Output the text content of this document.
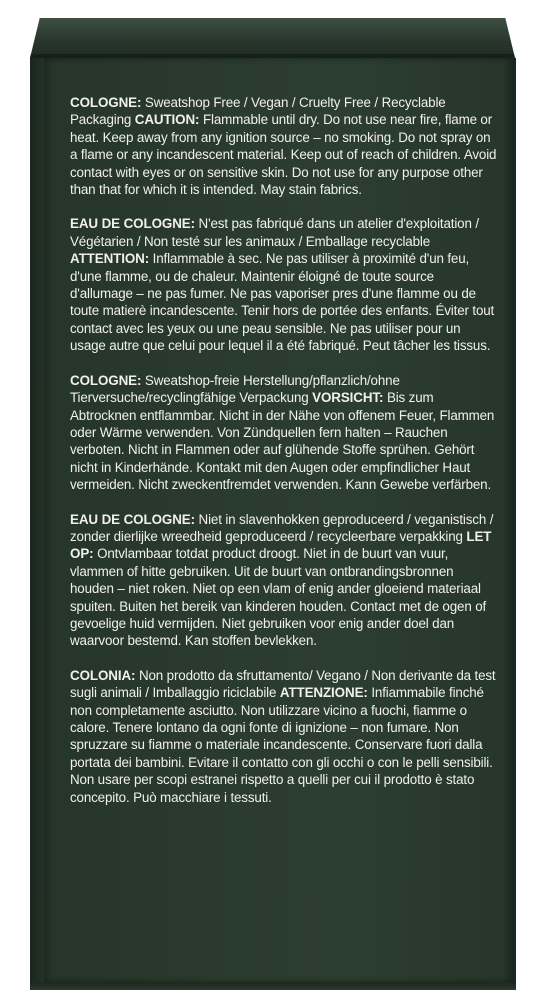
COLOGNE: Sweatshop Free / Vegan / Cruelty Free / Recyclable Packaging CAUTION: Flammable until dry. Do not use near fire, flame or heat. Keep away from any ignition source – no smoking. Do not spray on a flame or any incandescent material. Keep out of reach of children. Avoid contact with eyes or on sensitive skin. Do not use for any purpose other than that for which it is intended. May stain fabrics.

EAU DE COLOGNE: N'est pas fabriqué dans un atelier d'exploitation / Végétarien / Non testé sur les animaux / Emballage recyclable ATTENTION: Inflammable à sec. Ne pas utiliser à proximité d'un feu, d'une flamme, ou de chaleur. Maintenir éloigné de toute source d'allumage – ne pas fumer. Ne pas vaporiser pres d'une flamme ou de toute matierè incandescente. Tenir hors de portée des enfants. Éviter tout contact avec les yeux ou une peau sensible. Ne pas utiliser pour un usage autre que celui pour lequel il a été fabriqué. Peut tâcher les tissus.

COLOGNE: Sweatshop-freie Herstellung/pflanzlich/ohne Tierversuche/recyclingfähige Verpackung VORSICHT: Bis zum Abtrocknen entflammbar. Nicht in der Nähe von offenem Feuer, Flammen oder Wärme verwenden. Von Zündquellen fern halten – Rauchen verboten. Nicht in Flammen oder auf glühende Stoffe sprühen. Gehört nicht in Kinderhände. Kontakt mit den Augen oder empfindlicher Haut vermeiden. Nicht zweckentfremdet verwenden. Kann Gewebe verfärben.

EAU DE COLOGNE: Niet in slavenhokken geproduceerd / veganistisch / zonder dierlijke wreedheid geproduceerd / recycleerbare verpakking LET OP: Ontvlambaar totdat product droogt. Niet in de buurt van vuur, vlammen of hitte gebruiken. Uit de buurt van ontbrandingsbronnen houden – niet roken. Niet op een vlam of enig ander gloeiend materiaal spuiten. Buiten het bereik van kinderen houden. Contact met de ogen of gevoelige huid vermijden. Niet gebruiken voor enig ander doel dan waarvoor bestemd. Kan stoffen bevlekken.

COLONIA: Non prodotto da sfruttamento/ Vegano / Non derivante da test sugli animali / Imballaggio riciclabile ATTENZIONE: Infiammabile finché non completamente asciutto. Non utilizzare vicino a fuochi, fiamme o calore. Tenere lontano da ogni fonte di ignizione – non fumare. Non spruzzare su fiamme o materiale incandescente. Conservare fuori dalla portata dei bambini. Evitare il contatto con gli occhi o con le pelli sensibili. Non usare per scopi estranei rispetto a quelli per cui il prodotto è stato concepito. Può macchiare i tessuti.
